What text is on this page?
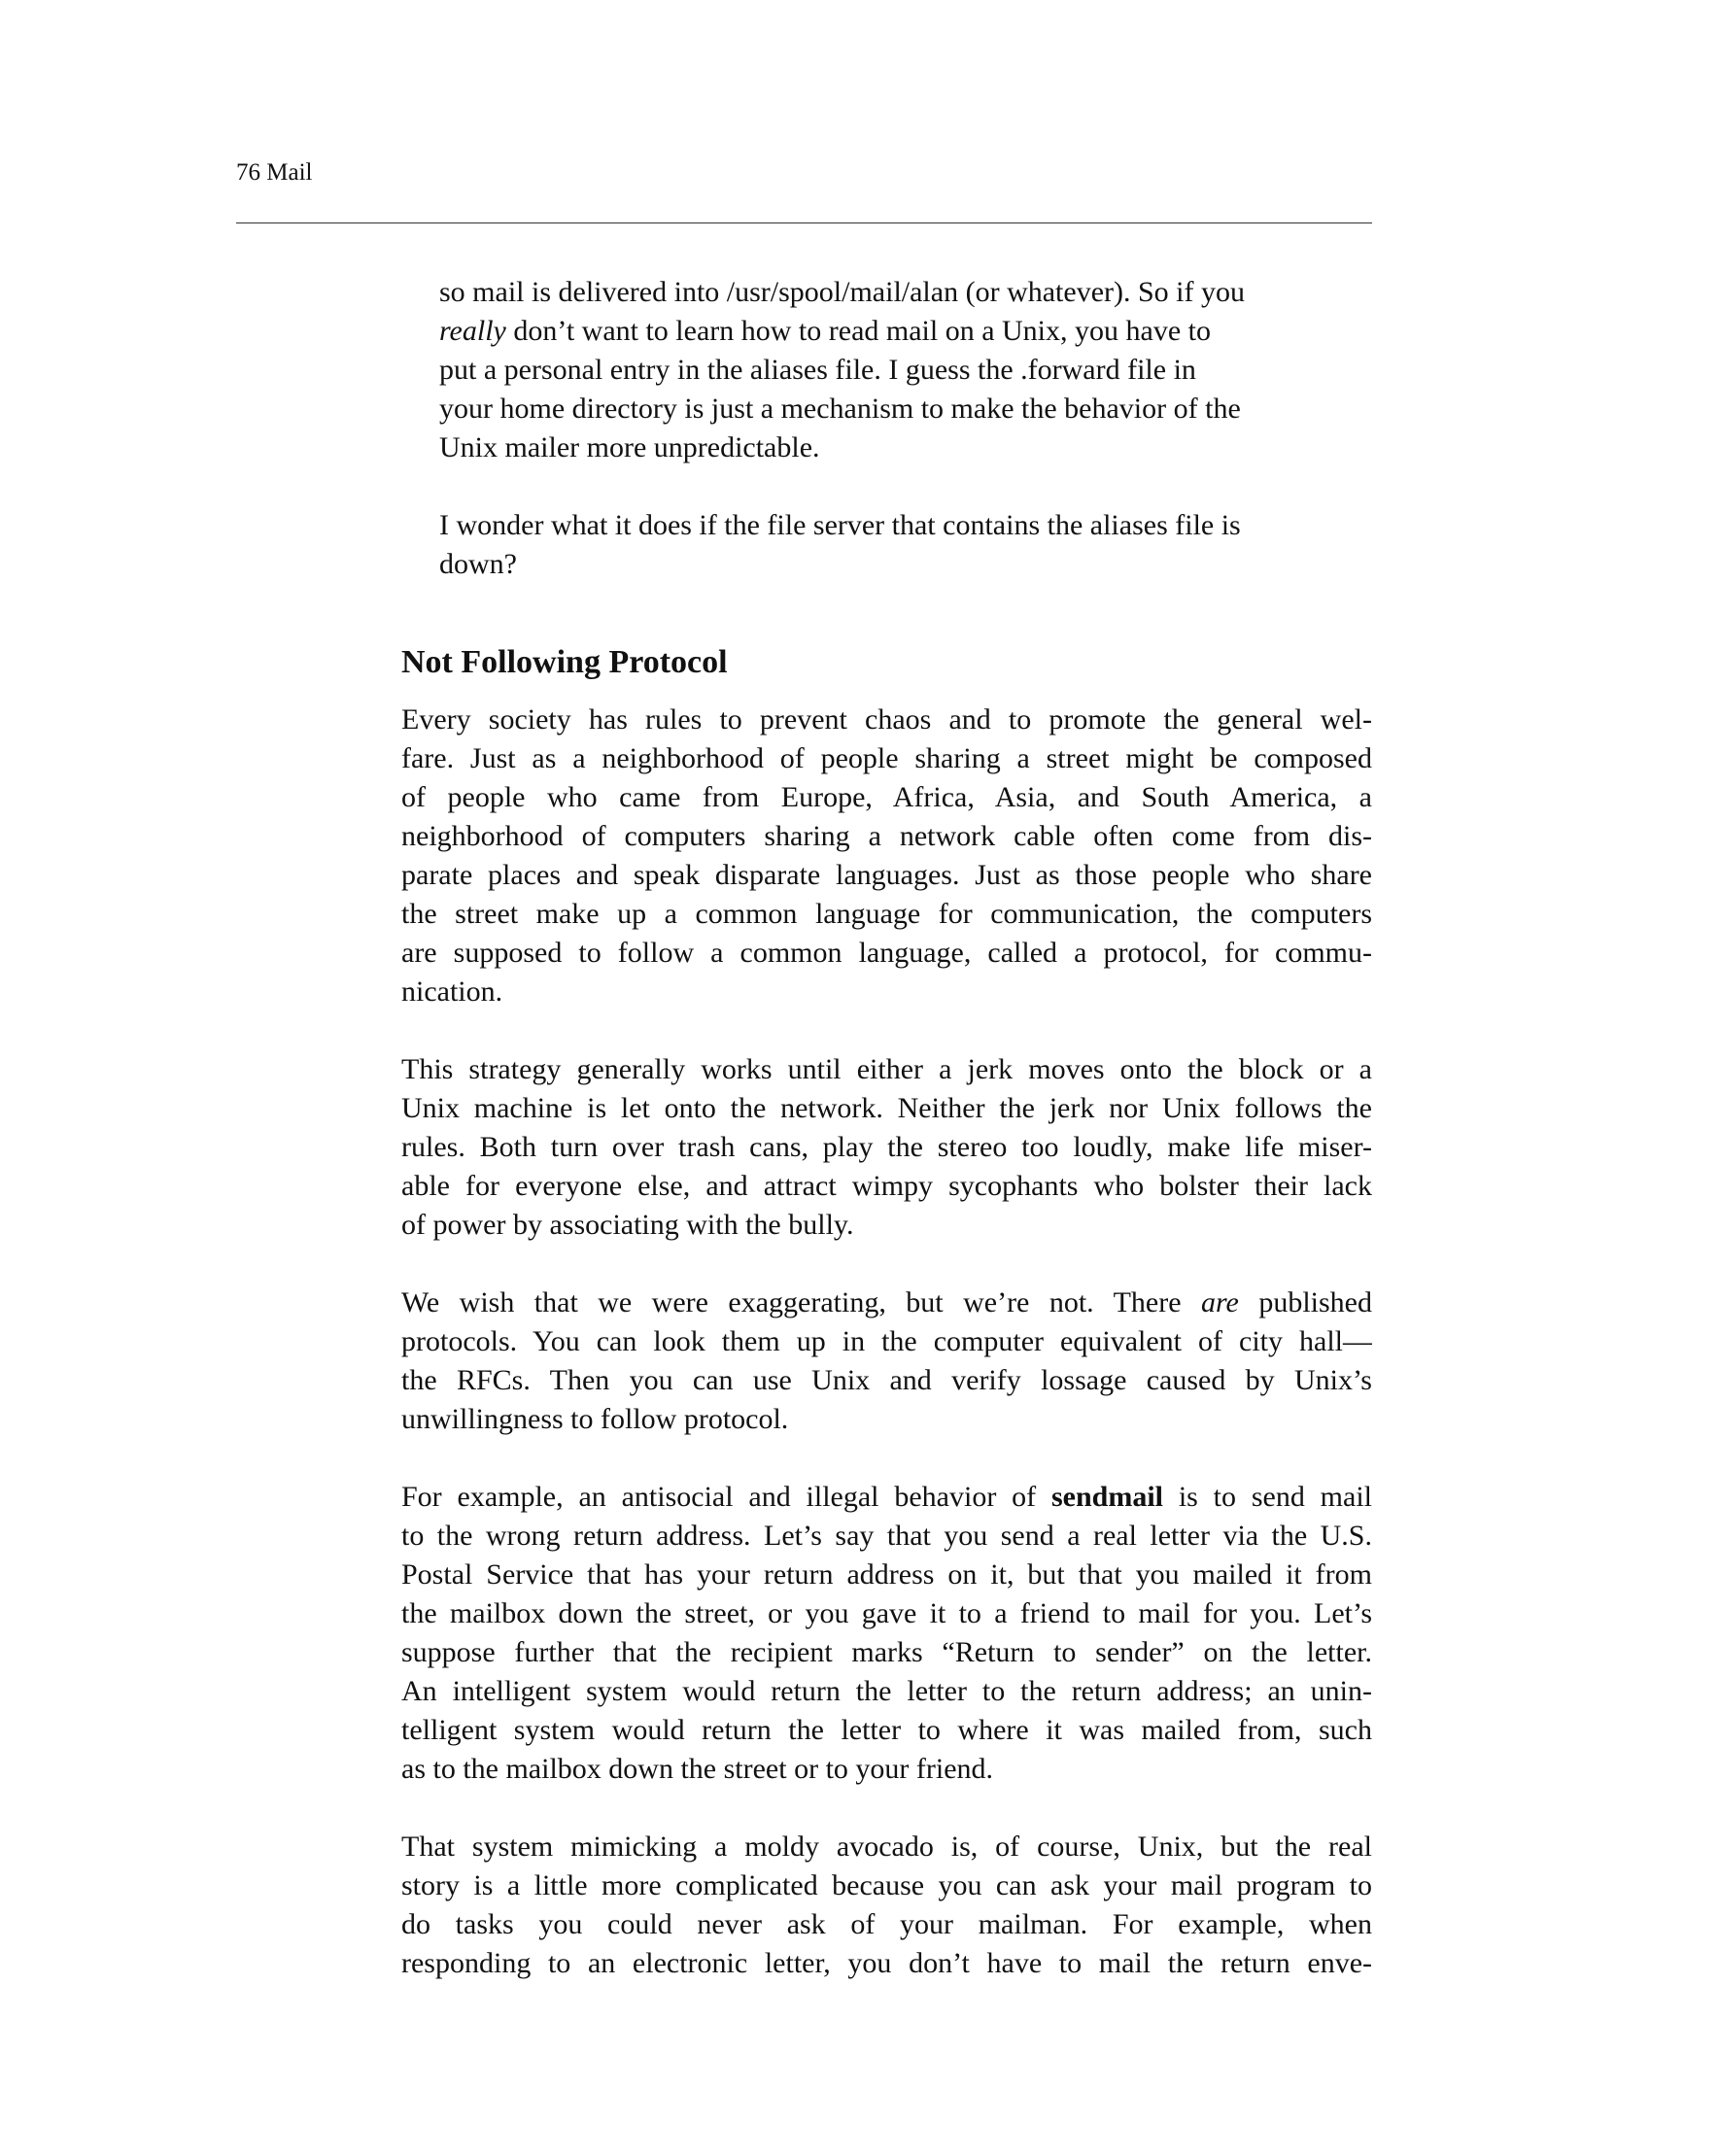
76 Mail
so mail is delivered into /usr/spool/mail/alan (or whatever). So if you
really don’t want to learn how to read mail on a Unix, you have to
put a personal entry in the aliases file. I guess the .forward file in
your home directory is just a mechanism to make the behavior of the
Unix mailer more unpredictable.
I wonder what it does if the file server that contains the aliases file is
down?
Not Following Protocol
Every society has rules to prevent chaos and to promote the general wel-
fare. Just as a neighborhood of people sharing a street might be composed
of people who came from Europe, Africa, Asia, and South America, a
neighborhood of computers sharing a network cable often come from dis-
parate places and speak disparate languages. Just as those people who share
the street make up a common language for communication, the computers
are supposed to follow a common language, called a protocol, for commu-
nication.
This strategy generally works until either a jerk moves onto the block or a
Unix machine is let onto the network. Neither the jerk nor Unix follows the
rules. Both turn over trash cans, play the stereo too loudly, make life miser-
able for everyone else, and attract wimpy sycophants who bolster their lack
of power by associating with the bully.
We wish that we were exaggerating, but we’re not. There are published
protocols. You can look them up in the computer equivalent of city hall—
the RFCs. Then you can use Unix and verify lossage caused by Unix’s
unwillingness to follow protocol.
For example, an antisocial and illegal behavior of sendmail is to send mail
to the wrong return address. Let’s say that you send a real letter via the U.S.
Postal Service that has your return address on it, but that you mailed it from
the mailbox down the street, or you gave it to a friend to mail for you. Let’s
suppose further that the recipient marks “Return to sender” on the letter.
An intelligent system would return the letter to the return address; an unin-
telligent system would return the letter to where it was mailed from, such
as to the mailbox down the street or to your friend.
That system mimicking a moldy avocado is, of course, Unix, but the real
story is a little more complicated because you can ask your mail program to
do tasks you could never ask of your mailman. For example, when
responding to an electronic letter, you don’t have to mail the return enve-
